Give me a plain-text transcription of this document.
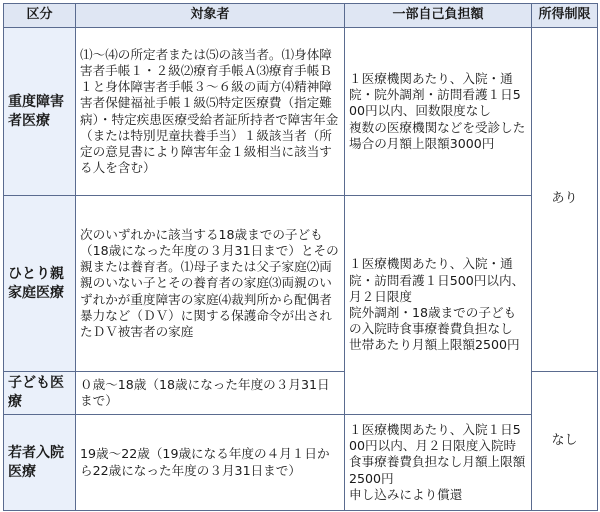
区分	対象者	一部自己負担額	所得制限
重度障害者医療	⑴～⑷の所定者または⑸の該当者。⑴身体障害者手帳１・２級⑵療育手帳Ａ⑶療育手帳Ｂ１と身体障害者手帳３～６級の両方⑷精神障害者保健福祉手帳１級⑸特定医療費（指定難病）・特定疾患医療受給者証所持者で障害年金（または特別児童扶養手当）１級該当者（所定の意見書により障害年金１級相当に該当する人を含む）	１医療機関あたり、入院・通院・院外調剤・訪問看護１日500円以内、回数限度なし
複数の医療機関などを受診した場合の月額上限額3000円	あり
ひとり親家庭医療	次のいずれかに該当する18歳までの子ども（18歳になった年度の３月31日まで）とその親または養育者。⑴母子または父子家庭⑵両親のいない子とその養育者の家庭⑶両親のいずれかが重度障害の家庭⑷裁判所から配偶者暴力など（ＤＶ）に関する保護命令が出されたＤＶ被害者の家庭	１医療機関あたり、入院・通院・訪問看護１日500円以内、月２日限度
院外調剤・18歳までの子どもの入院時食事療養費負担なし
世帯あたり月額上限額2500円	

子ども医療	０歳～18歳（18歳になった年度の３月31日まで）		なし
若者入院医療	19歳～22歳（19歳になる年度の４月１日から22歳になった年度の３月31日まで）	１医療機関あたり、入院１日500円以内、月２日限度入院時食事療養費負担なし月額上限額2500円
申し込みにより償還	
